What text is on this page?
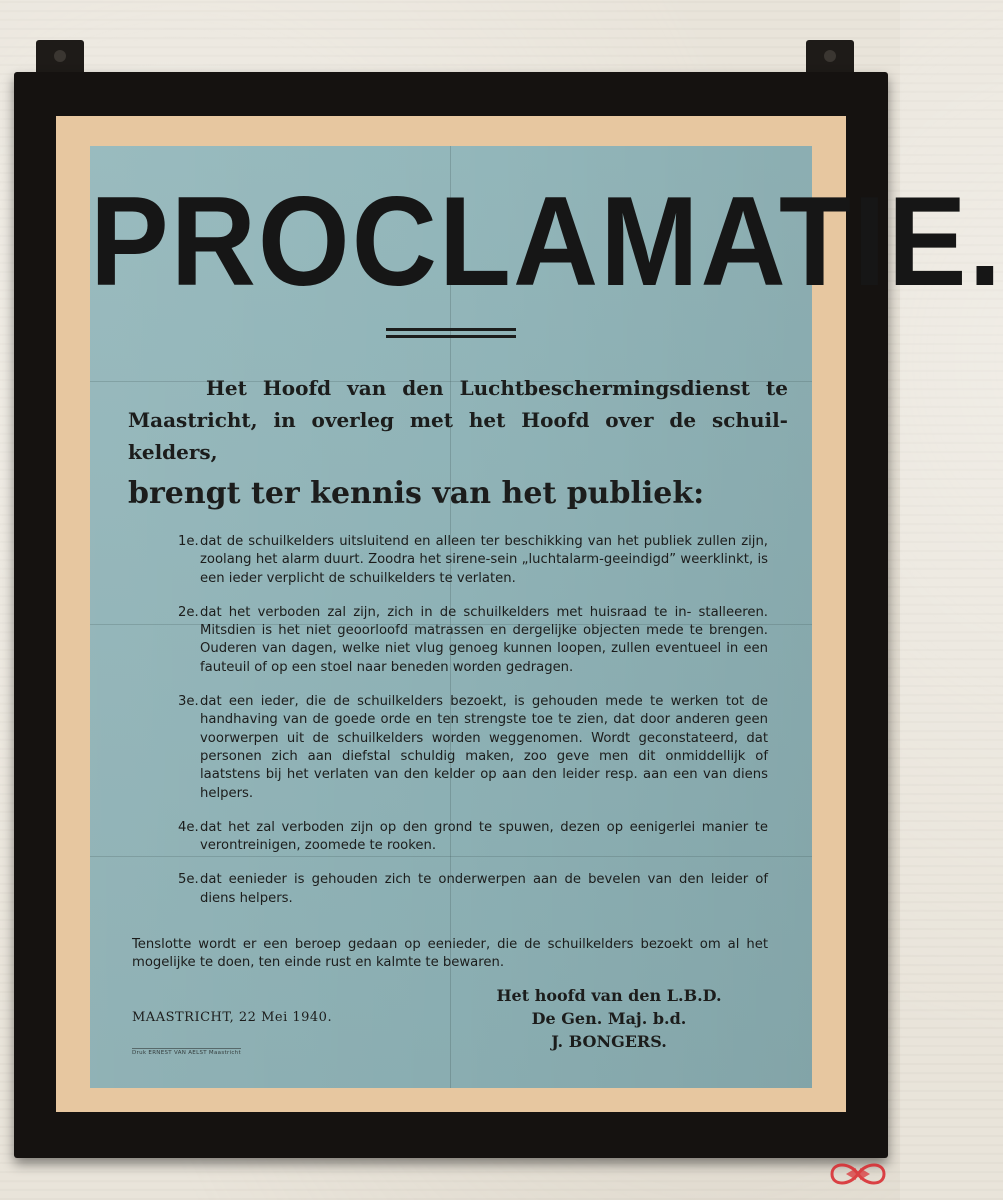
PROCLAMATIE.
Het Hoofd van den Luchtbeschermingsdienst te Maastricht, in overleg met het Hoofd over de schuil- kelders,
brengt ter kennis van het publiek:
1e. dat de schuilkelders uitsluitend en alleen ter beschikking van het publiek zullen zijn, zoolang het alarm duurt. Zoodra het sirene-sein „luchtalarm-geeindigd” weerklinkt, is een ieder verplicht de schuilkelders te verlaten.
2e. dat het verboden zal zijn, zich in de schuilkelders met huisraad te in- stalleeren. Mitsdien is het niet geoorloofd matrassen en dergelijke objecten mede te brengen. Ouderen van dagen, welke niet vlug genoeg kunnen loopen, zullen eventueel in een fauteuil of op een stoel naar beneden worden gedragen.
3e. dat een ieder, die de schuilkelders bezoekt, is gehouden mede te werken tot de handhaving van de goede orde en ten strengste toe te zien, dat door anderen geen voorwerpen uit de schuilkelders worden weggenomen. Wordt geconstateerd, dat personen zich aan diefstal schuldig maken, zoo geve men dit onmiddellijk of laatstens bij het verlaten van den kelder op aan den leider resp. aan een van diens helpers.
4e. dat het zal verboden zijn op den grond te spuwen, dezen op eenigerlei manier te verontreinigen, zoomede te rooken.
5e. dat eenieder is gehouden zich te onderwerpen aan de bevelen van den leider of diens helpers.
Tenslotte wordt er een beroep gedaan op eenieder, die de schuilkelders bezoekt om al het mogelijke te doen, ten einde rust en kalmte te bewaren.
MAASTRICHT, 22 Mei 1940.
Druk ERNEST VAN AELST Maastricht
Het hoofd van den L.B.D.
De Gen. Maj. b.d.
J. BONGERS.
